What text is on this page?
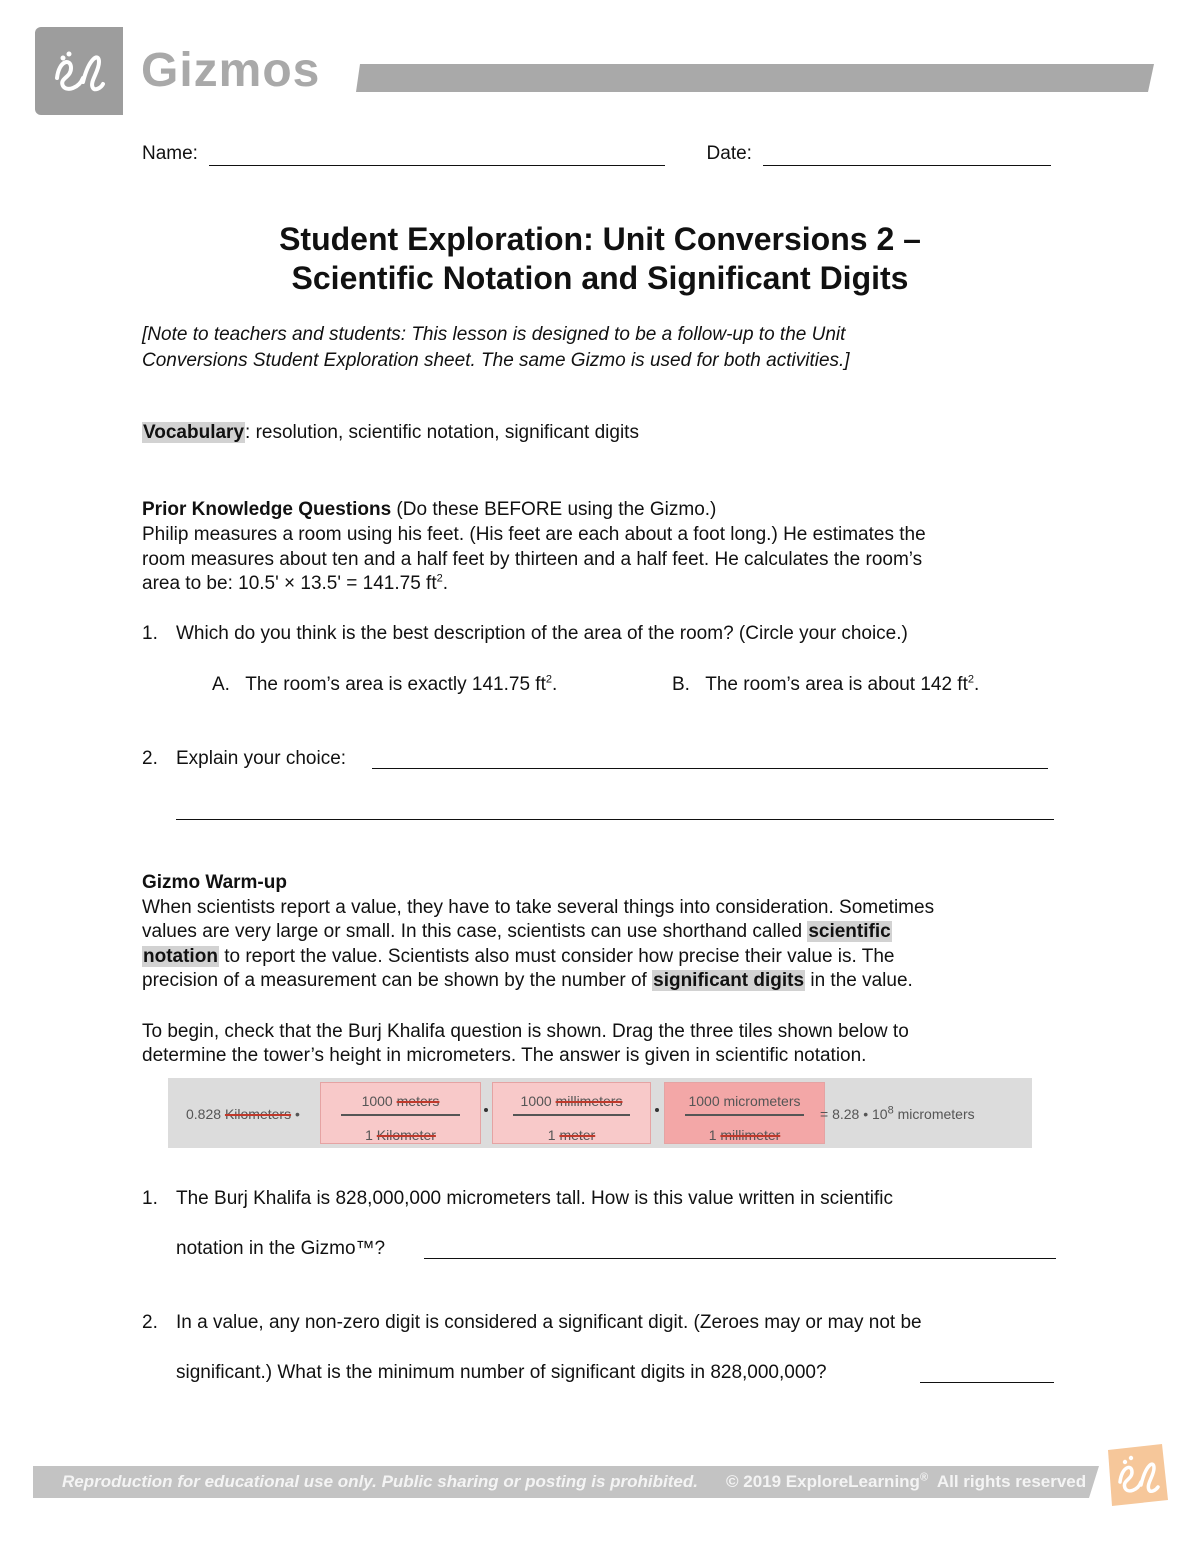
Gizmos
Name:	Date:
Student Exploration: Unit Conversions 2 –
Scientific Notation and Significant Digits
[Note to teachers and students: This lesson is designed to be a follow-up to the Unit
Conversions Student Exploration sheet. The same Gizmo is used for both activities.]
Vocabulary: resolution, scientific notation, significant digits
Prior Knowledge Questions (Do these BEFORE using the Gizmo.)
Philip measures a room using his feet. (His feet are each about a foot long.) He estimates the
room measures about ten and a half feet by thirteen and a half feet. He calculates the room’s
area to be: 10.5' × 13.5' = 141.75 $ft^2$.
1. Which do you think is the best description of the area of the room? (Circle your choice.)
A. The room’s area is exactly 141.75 $ft^2$.	B. The room’s area is about 142 $ft^2$.
2. Explain your choice:
Gizmo Warm-up
When scientists report a value, they have to take several things into consideration. Sometimes
values are very large or small. In this case, scientists can use shorthand called scientific
notation to report the value. Scientists also must consider how precise their value is. The
precision of a measurement can be shown by the number of significant digits in the value.
To begin, check that the Burj Khalifa question is shown. Drag the three tiles shown below to
determine the tower’s height in micrometers. The answer is given in scientific notation.
0.828 Kilometers •
1000 meters
1 Kilometer
1000 millimeters
1 meter
1000 micrometers
1 millimeter
= 8.28 • $10^8$ micrometers
1. The Burj Khalifa is 828,000,000 micrometers tall. How is this value written in scientific
notation in the Gizmo™?
2. In a value, any non-zero digit is considered a significant digit. (Zeroes may or may not be
significant.) What is the minimum number of significant digits in 828,000,000?
Reproduction for educational use only. Public sharing or posting is prohibited. © 2019 ExploreLearning®  All rights reserved
